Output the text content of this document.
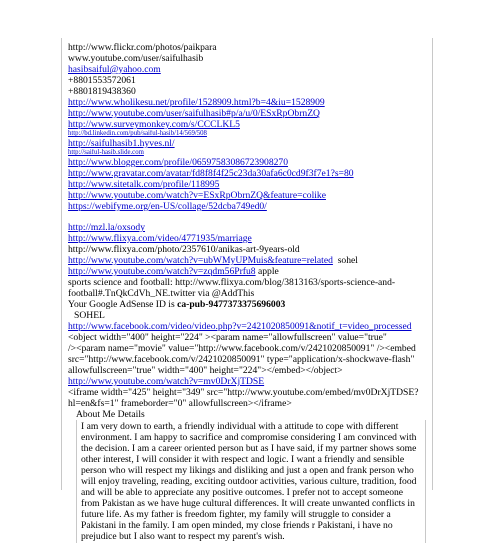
http://www.flickr.com/photos/paikpara
www.youtube.com/user/saifulhasib
hasibsaiful@yahoo.com
+8801553572061
+8801819438360
http://www.wholikesu.net/profile/1528909.html?b=4&iu=1528909
http://www.youtube.com/user/saifulhasib#p/a/u/0/ESxRpObrnZQ
http://www.surveymonkey.com/s/CCCLKL5
http://bd.linkedin.com/pub/saiful-hasib/14/569/508
http://saifulhasib1.hyves.nl/
http://saiful-hasib.slide.com
http://www.blogger.com/profile/06597583086723908270
http://www.gravatar.com/avatar/fd8f8f4f25c23da30afa6c0cd9f3f7e1?s=80
http://www.sitetalk.com/profile/118995
http://www.youtube.com/watch?v=ESxRpObrnZQ&feature=colike
https://webifyme.org/en-US/collage/52dcba749ed0/
http://mzl.la/oxsody
http://www.flixya.com/video/4771935/marriage
http://www.flixya.com/photo/2357610/anikas-art-9years-old
http://www.youtube.com/watch?v=ubWMyUPMuis&feature=related sohel
http://www.youtube.com/watch?v=zqdm56Prfu8 apple
sports science and football: http://www.flixya.com/blog/3813163/sports-science-and-
football#.TnQkCdVh_NE.twitter via @AddThis
Your Google AdSense ID is ca-pub-9477373375696003
SOHEL
http://www.facebook.com/video/video.php?v=2421020850091&notif_t=video_processed
<object width="400" height="224" ><param name="allowfullscreen" value="true"
/><param name="movie" value="http://www.facebook.com/v/2421020850091" /><embed
src="http://www.facebook.com/v/2421020850091" type="application/x-shockwave-flash"
allowfullscreen="true" width="400" height="224"></embed></object>
http://www.youtube.com/watch?v=mv0DrXjTDSE
<iframe width="425" height="349" src="http://www.youtube.com/embed/mv0DrXjTDSE?
hl=en&fs=1" frameborder="0" allowfullscreen></iframe>
About Me Details
I am very down to earth, a friendly individual with a attitude to cope with different environment. I am happy to sacrifice and compromise considering I am convinced with the decision. I am a career oriented person but as I have said, if my partner shows some other interest, I will consider it with respect and logic. I want a friendly and sensible person who will respect my likings and disliking and just a open and frank person who will enjoy traveling, reading, exciting outdoor activities, various culture, tradition, food and will be able to appreciate any positive outcomes. I prefer not to accept someone from Pakistan as we have huge cultural differences. It will create unwanted conflicts in future life. As my father is freedom fighter, my family will struggle to consider a Pakistani in the family. I am open minded, my close friends r Pakistani, i have no prejudice but I also want to respect my parent's wish.
